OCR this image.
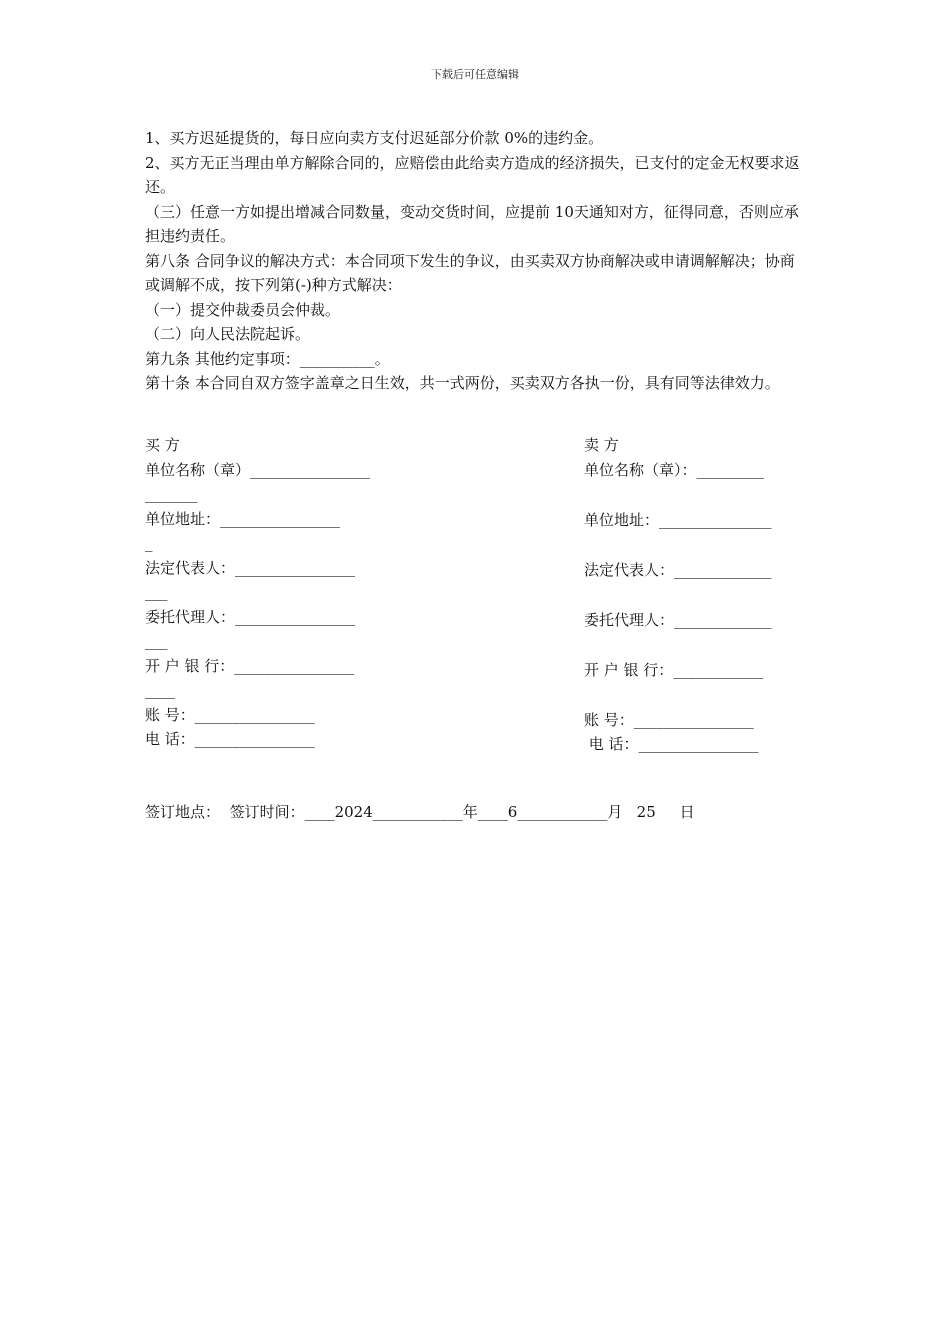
下载后可任意编辑

1、买方迟延提货的，每日应向卖方支付迟延部分价款 0%的违约金。

2、买方无正当理由单方解除合同的，应赔偿由此给卖方造成的经济损失，已支付的定金无权要求返还。

（三）任意一方如提出增减合同数量，变动交货时间，应提前 10天通知对方，征得同意，否则应承担违约责任。

第八条 合同争议的解决方式：本合同项下发生的争议，由买卖双方协商解决或申请调解解决；协商或调解不成，按下列第(-)种方式解决：

（一）提交仲裁委员会仲裁。

（二）向人民法院起诉。

第九条 其他约定事项：__________。

第十条 本合同自双方签字盖章之日生效，共一式两份，买卖双方各执一份，具有同等法律效力。

买 方
单位名称（章）________________
_______
单位地址：________________
_
法定代表人：________________
___
委托代理人：________________
___
开 户 银 行：________________
____
账 号：________________
电 话：________________
卖 方
单位名称（章）：_________
单位地址：_______________
法定代表人：_____________
委托代理人：_____________
开 户 银 行：____________
账 号：________________
电 话：________________
签订地点： 签订时间：____2024____________年____6____________月 25 日
